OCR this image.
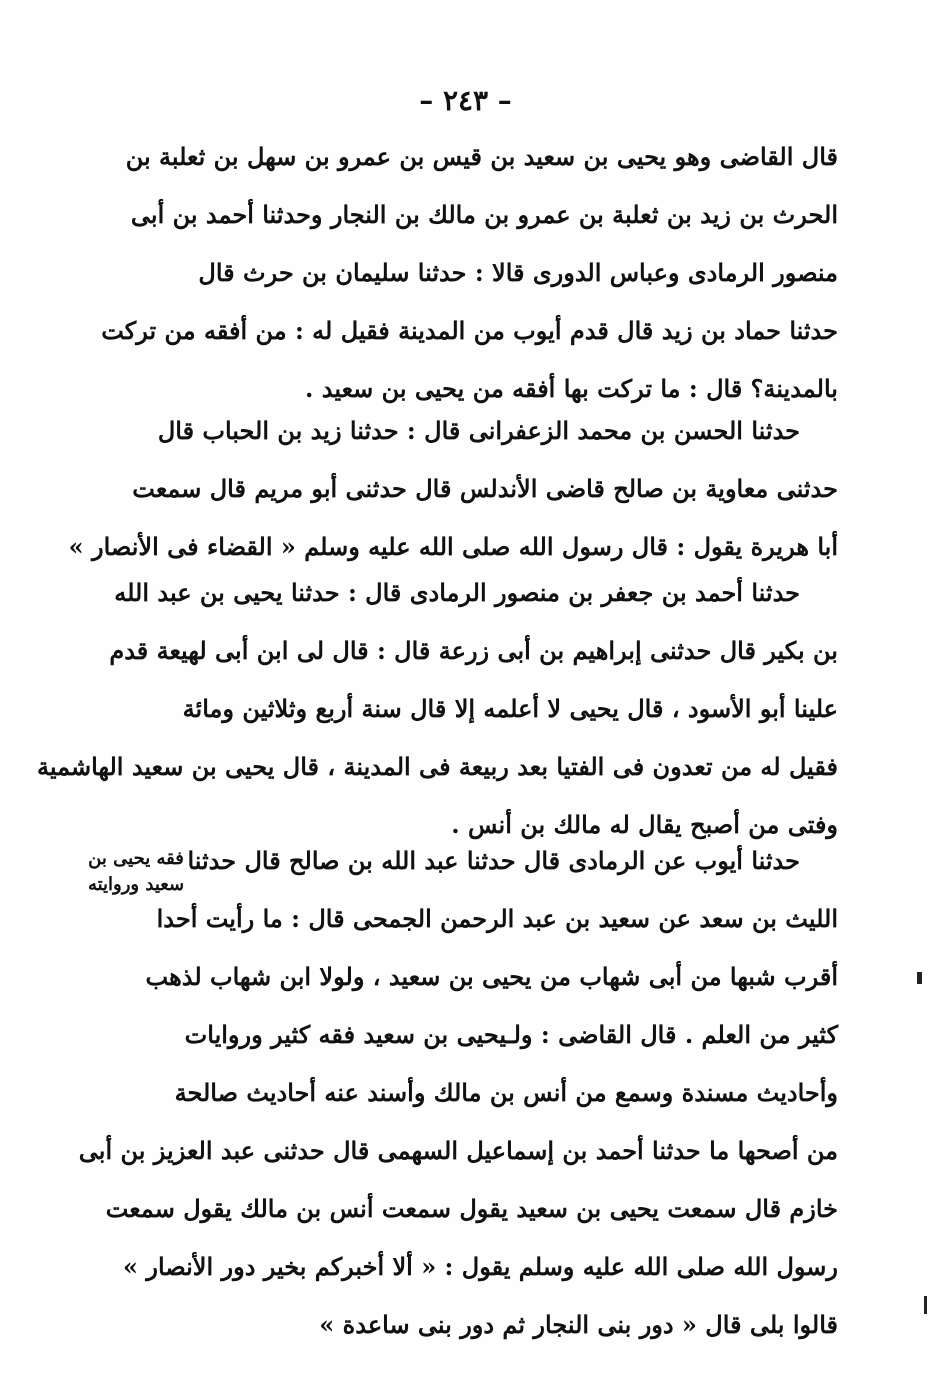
– ٢٤٣ –
فقه يحيى بن
سعيد وروايته
قال القاضى وهو يحيى بن سعيد بن قيس بن عمرو بن سهل بن ثعلبة بن
الحرث بن زيد بن ثعلبة بن عمرو بن مالك بن النجار وحدثنا أحمد بن أبى
منصور الرمادى وعباس الدورى قالا : حدثنا سليمان بن حرث قال
حدثنا حماد بن زيد قال قدم أيوب من المدينة فقيل له : من أفقه من تركت
بالمدينة؟ قال : ما تركت بها أفقه من يحيى بن سعيد .
حدثنا الحسن بن محمد الزعفرانى قال : حدثنا زيد بن الحباب قال
حدثنى معاوية بن صالح قاضى الأندلس قال حدثنى أبو مريم قال سمعت
أبا هريرة يقول : قال رسول الله صلى الله عليه وسلم « القضاء فى الأنصار »
حدثنا أحمد بن جعفر بن منصور الرمادى قال : حدثنا يحيى بن عبد الله
بن بكير قال حدثنى إبراهيم بن أبى زرعة قال : قال لى ابن أبى لهيعة قدم
علينا أبو الأسود ، قال يحيى لا أعلمه إلا قال سنة أربع وثلاثين ومائة
فقيل له من تعدون فى الفتيا بعد ربيعة فى المدينة ، قال يحيى بن سعيد الهاشمية
وفتى من أصبح يقال له مالك بن أنس .
حدثنا أيوب عن الرمادى قال حدثنا عبد الله بن صالح قال حدثنا
الليث بن سعد عن سعيد بن عبد الرحمن الجمحى قال : ما رأيت أحدا
أقرب شبها من أبى شهاب من يحيى بن سعيد ، ولولا ابن شهاب لذهب
كثير من العلم . قال القاضى : ولـيحيى بن سعيد فقه كثير وروايات
وأحاديث مسندة وسمع من أنس بن مالك وأسند عنه أحاديث صالحة
من أصحها ما حدثنا أحمد بن إسماعيل السهمى قال حدثنى عبد العزيز بن أبى
خازم قال سمعت يحيى بن سعيد يقول سمعت أنس بن مالك يقول سمعت
رسول الله صلى الله عليه وسلم يقول : « ألا أخبركم بخير دور الأنصار »
قالوا بلى قال « دور بنى النجار ثم دور بنى ساعدة »
